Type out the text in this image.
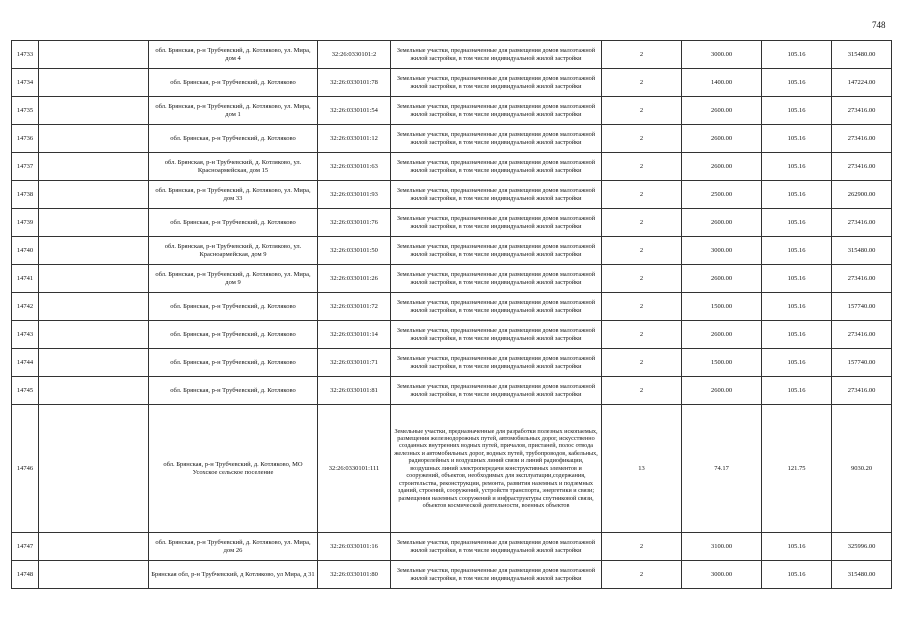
748
14733		обл. Брянская, р-н Трубчевский, д. Котляково, ул. Мира, дом 4	32:26:0330101:2	Земельные участки, предназначенные для размещения домов малоэтажной жилой застройки, в том числе индивидуальной жилой застройки	2	3000.00	105.16	315480.00
14734		обл. Брянская, р-н Трубчевский, д. Котляково	32:26:0330101:78	Земельные участки, предназначенные для размещения домов малоэтажной жилой застройки, в том числе индивидуальной жилой застройки	2	1400.00	105.16	147224.00
14735		обл. Брянская, р-н Трубчевский, д. Котляково, ул. Мира, дом 1	32:26:0330101:54	Земельные участки, предназначенные для размещения домов малоэтажной жилой застройки, в том числе индивидуальной жилой застройки	2	2600.00	105.16	273416.00
14736		обл. Брянская, р-н Трубчевский, д. Котляково	32:26:0330101:12	Земельные участки, предназначенные для размещения домов малоэтажной жилой застройки, в том числе индивидуальной жилой застройки	2	2600.00	105.16	273416.00
14737		обл. Брянская, р-н Трубчевский, д. Котляково, ул. Красноармейская, дом 15	32:26:0330101:63	Земельные участки, предназначенные для размещения домов малоэтажной жилой застройки, в том числе индивидуальной жилой застройки	2	2600.00	105.16	273416.00
14738		обл. Брянская, р-н Трубчевский, д. Котляково, ул. Мира, дом 33	32:26:0330101:93	Земельные участки, предназначенные для размещения домов малоэтажной жилой застройки, в том числе индивидуальной жилой застройки	2	2500.00	105.16	262900.00
14739		обл. Брянская, р-н Трубчевский, д. Котляково	32:26:0330101:76	Земельные участки, предназначенные для размещения домов малоэтажной жилой застройки, в том числе индивидуальной жилой застройки	2	2600.00	105.16	273416.00
14740		обл. Брянская, р-н Трубчевский, д. Котляково, ул. Красноармейская, дом 9	32:26:0330101:50	Земельные участки, предназначенные для размещения домов малоэтажной жилой застройки, в том числе индивидуальной жилой застройки	2	3000.00	105.16	315480.00
14741		обл. Брянская, р-н Трубчевский, д. Котляково, ул. Мира, дом 9	32:26:0330101:26	Земельные участки, предназначенные для размещения домов малоэтажной жилой застройки, в том числе индивидуальной жилой застройки	2	2600.00	105.16	273416.00
14742		обл. Брянская, р-н Трубчевский, д. Котляково	32:26:0330101:72	Земельные участки, предназначенные для размещения домов малоэтажной жилой застройки, в том числе индивидуальной жилой застройки	2	1500.00	105.16	157740.00
14743		обл. Брянская, р-н Трубчевский, д. Котляково	32:26:0330101:14	Земельные участки, предназначенные для размещения домов малоэтажной жилой застройки, в том числе индивидуальной жилой застройки	2	2600.00	105.16	273416.00
14744		обл. Брянская, р-н Трубчевский, д. Котляково	32:26:0330101:71	Земельные участки, предназначенные для размещения домов малоэтажной жилой застройки, в том числе индивидуальной жилой застройки	2	1500.00	105.16	157740.00
14745		обл. Брянская, р-н Трубчевский, д. Котляково	32:26:0330101:81	Земельные участки, предназначенные для размещения домов малоэтажной жилой застройки, в том числе индивидуальной жилой застройки	2	2600.00	105.16	273416.00
14746		обл. Брянская, р-н Трубчевский, д. Котляково, МО Усохское сельское поселение	32:26:0330101:111	Земельные участки, предназначенные для разработки полезных ископаемых, размещения железнодорожных путей, автомобильных дорог, искусственно созданных внутренних водных путей, причалов, пристаней, полос отвода железных и автомобильных дорог, водных путей, трубопроводов, кабельных, радиорелейных и воздушных линий связи и линий радиофикации, воздушных линий электропередачи конструктивных элементов и сооружений, объектов, необходимых для эксплуатации,содержания, строительства, реконструкции, ремонта, развития наземных и подземных зданий, строений, сооружений, устройств транспорта, энергетики и связи; размещения наземных сооружений и инфраструктуры спутниковой связи, объектов космической деятельности, военных объектов	13	74.17	121.75	9030.20
14747		обл. Брянская, р-н Трубчевский, д. Котляково, ул. Мира, дом 26	32:26:0330101:16	Земельные участки, предназначенные для размещения домов малоэтажной жилой застройки, в том числе индивидуальной жилой застройки	2	3100.00	105.16	325996.00
14748		Брянская обл, р-н Трубчевский, д Котляково, ул Мира, д 31	32:26:0330101:80	Земельные участки, предназначенные для размещения домов малоэтажной жилой застройки, в том числе индивидуальной жилой застройки	2	3000.00	105.16	315480.00
